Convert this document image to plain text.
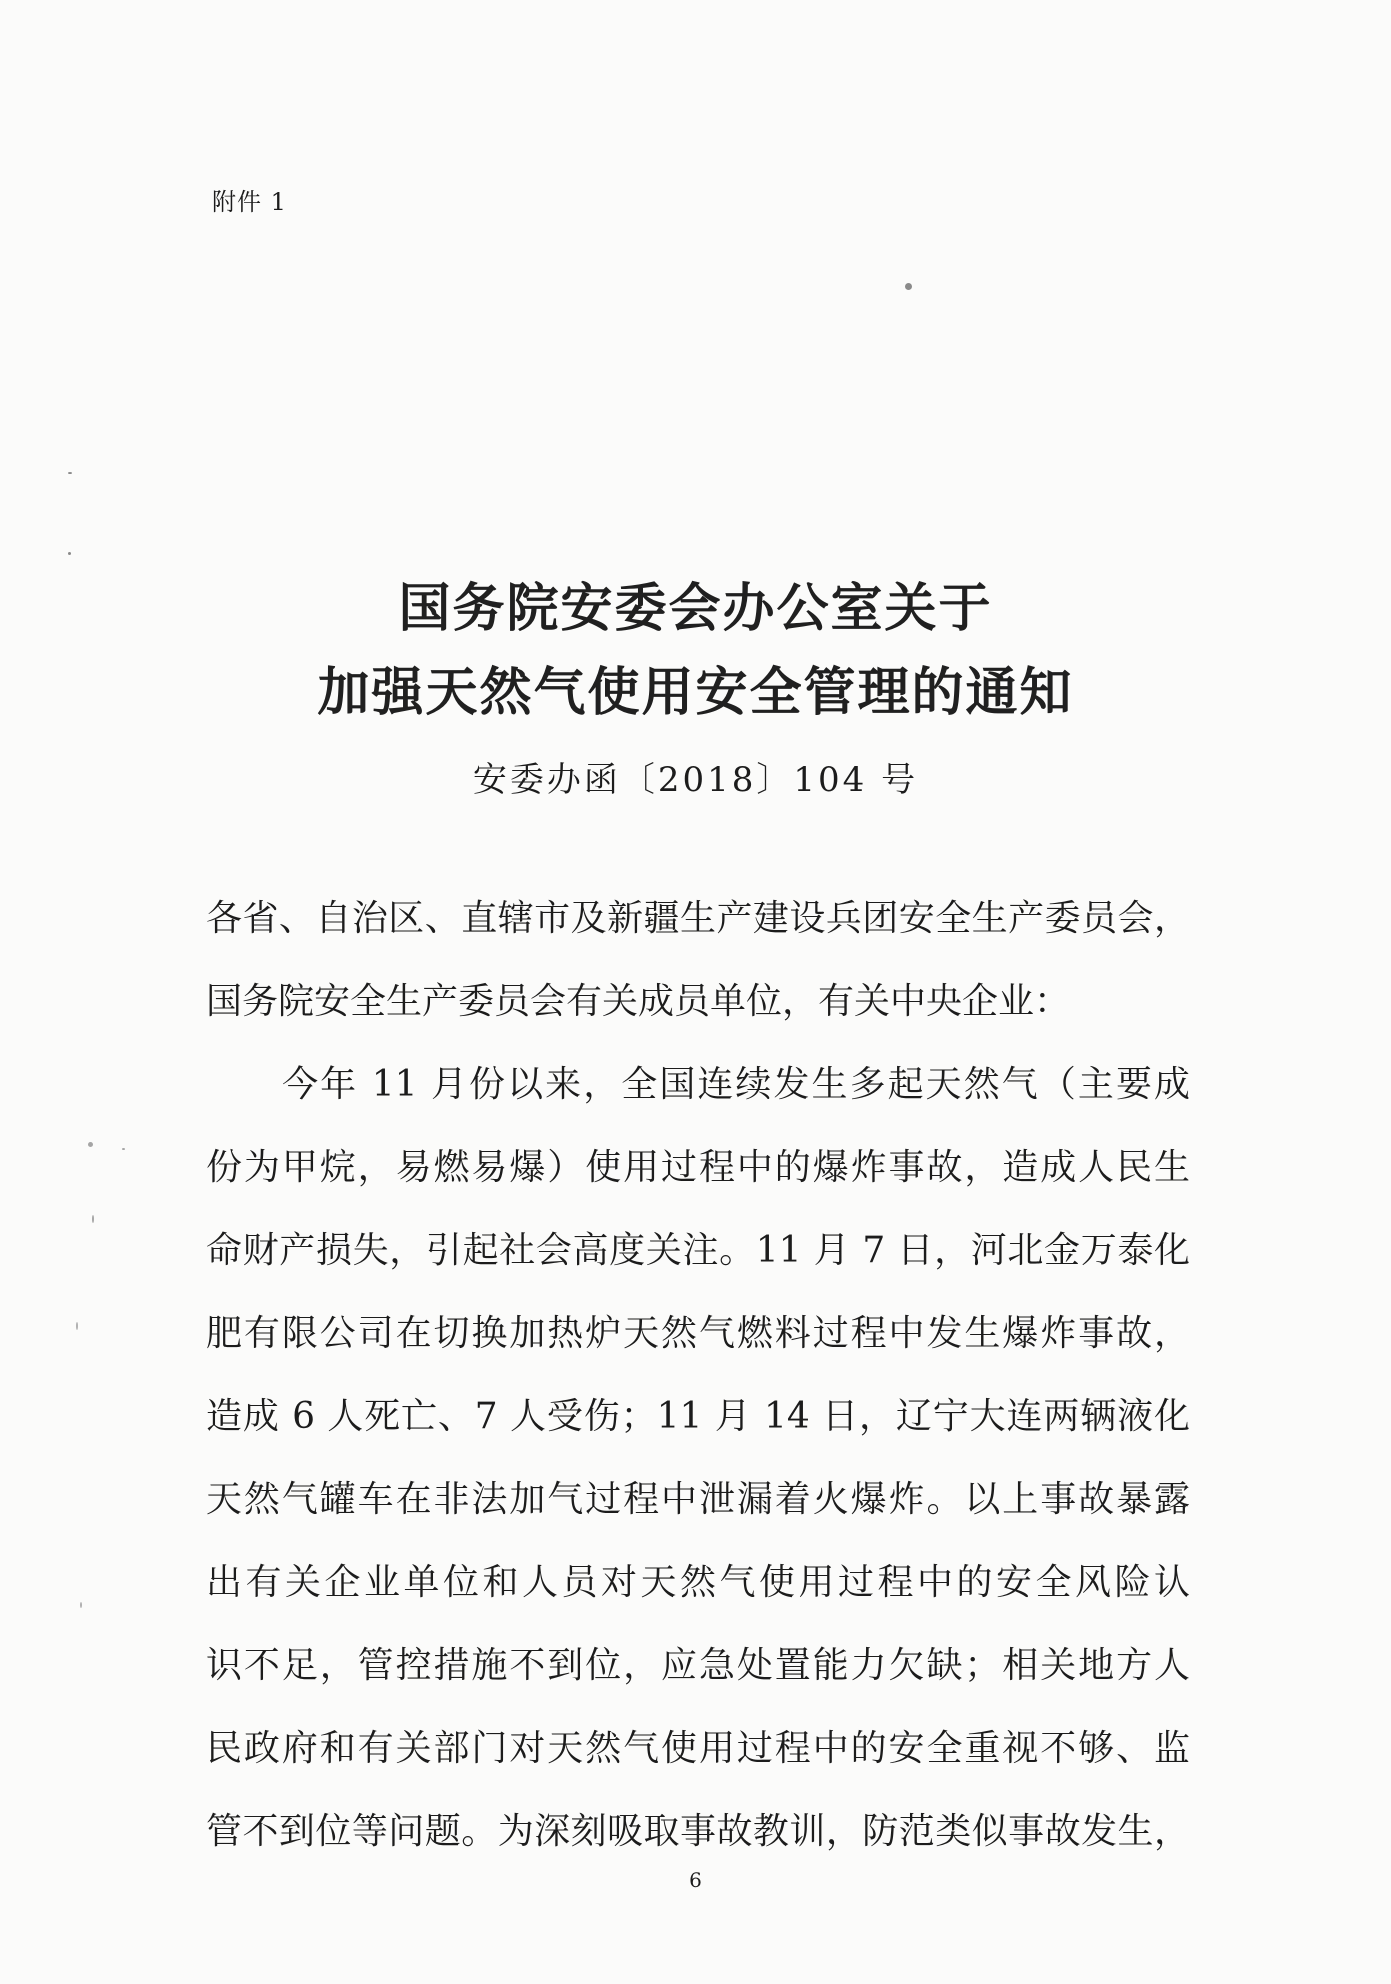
附件 1
国务院安委会办公室关于
加强天然气使用安全管理的通知
安委办函〔2018〕104 号
各省、自治区、直辖市及新疆生产建设兵团安全生产委员会，
国务院安全生产委员会有关成员单位，有关中央企业：
　　今年 11 月份以来，全国连续发生多起天然气（主要成
份为甲烷，易燃易爆）使用过程中的爆炸事故，造成人民生
命财产损失，引起社会高度关注。11 月 7 日，河北金万泰化
肥有限公司在切换加热炉天然气燃料过程中发生爆炸事故，
造成 6 人死亡、7 人受伤；11 月 14 日，辽宁大连两辆液化
天然气罐车在非法加气过程中泄漏着火爆炸。以上事故暴露
出有关企业单位和人员对天然气使用过程中的安全风险认
识不足，管控措施不到位，应急处置能力欠缺；相关地方人
民政府和有关部门对天然气使用过程中的安全重视不够、监
管不到位等问题。为深刻吸取事故教训，防范类似事故发生，
6
